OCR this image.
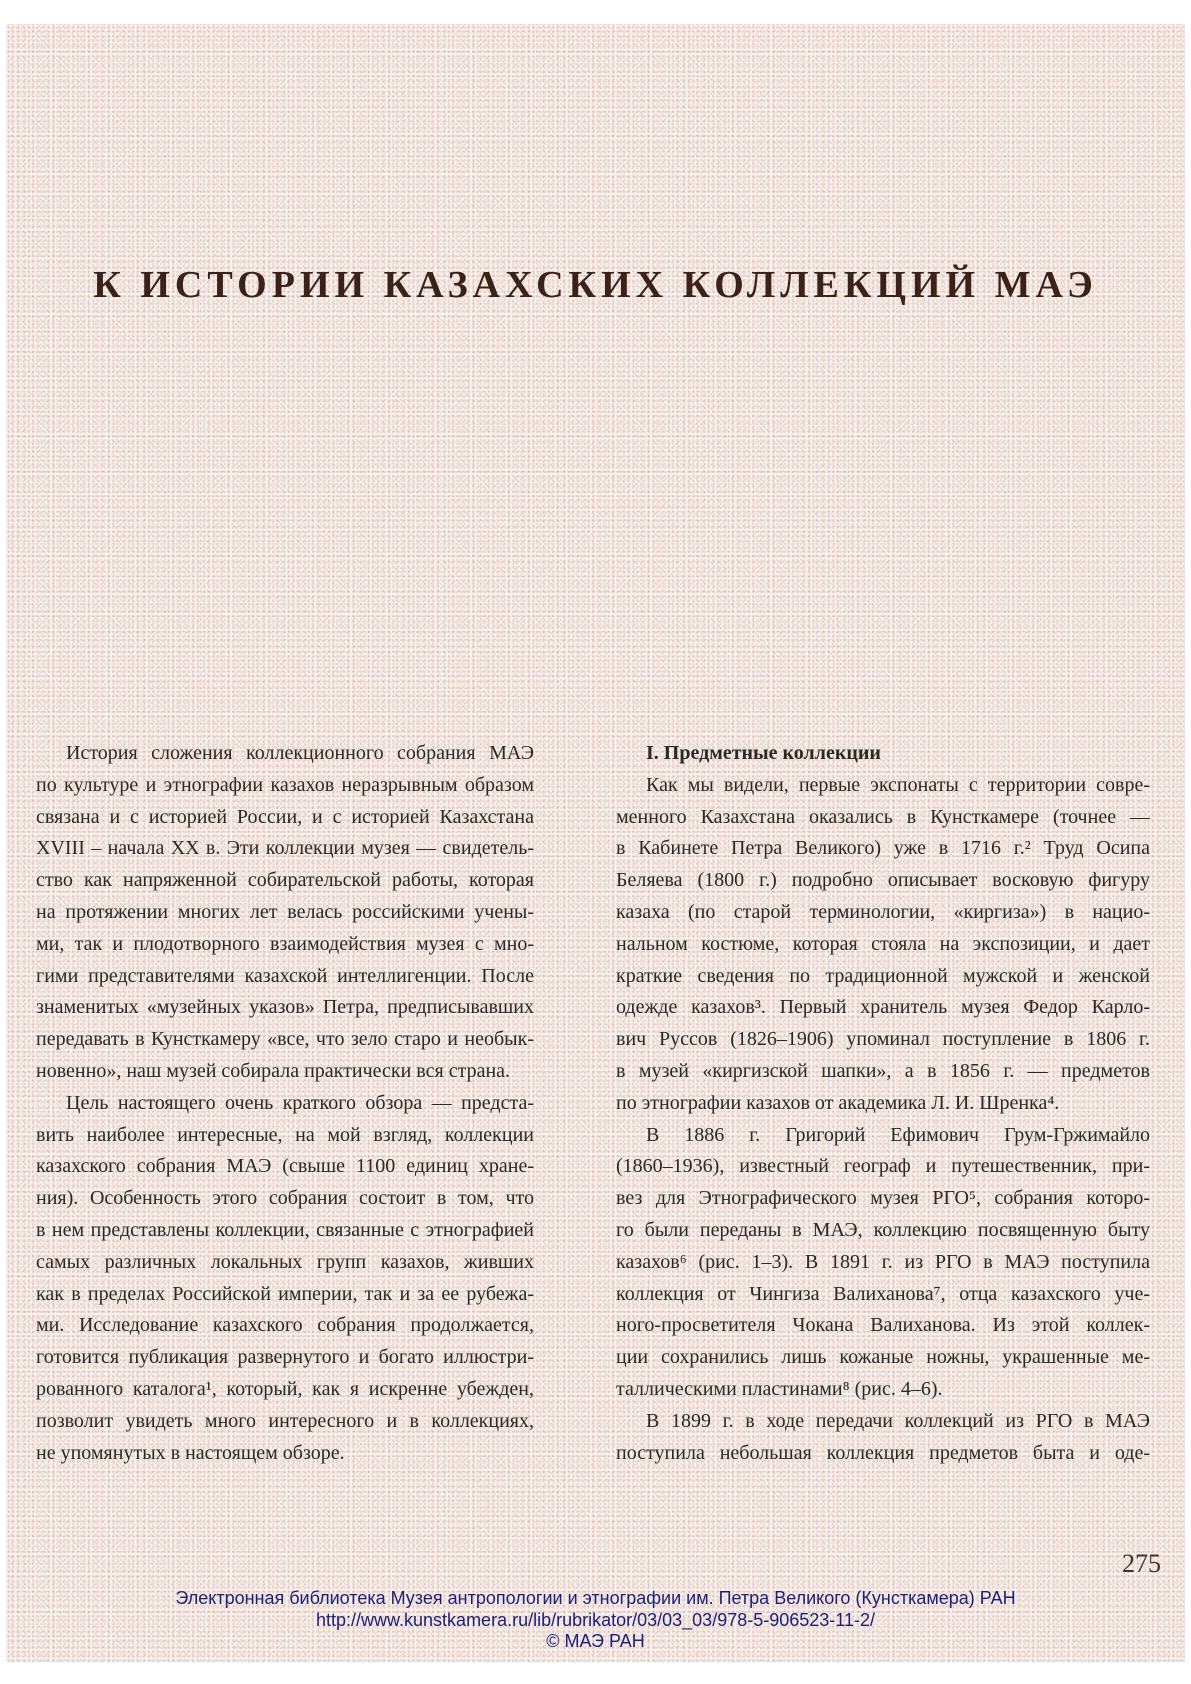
К ИСТОРИИ КАЗАХСКИХ КОЛЛЕКЦИЙ МАЭ
История сложения коллекционного собрания МАЭ
по культуре и этнографии казахов неразрывным образом
связана и с историей России, и с историей Казахстана
XVIII – начала XX в. Эти коллекции музея — свидетель-
ство как напряженной собирательской работы, которая
на протяжении многих лет велась российскими учены-
ми, так и плодотворного взаимодействия музея с мно-
гими представителями казахской интеллигенции. После
знаменитых «музейных указов» Петра, предписывавших
передавать в Кунсткамеру «все, что зело старо и необык-
новенно», наш музей собирала практически вся страна.
Цель настоящего очень краткого обзора — предста-
вить наиболее интересные, на мой взгляд, коллекции
казахского собрания МАЭ (свыше 1100 единиц хране-
ния). Особенность этого собрания состоит в том, что
в нем представлены коллекции, связанные с этнографией
самых различных локальных групп казахов, живших
как в пределах Российской империи, так и за ее рубежа-
ми. Исследование казахского собрания продолжается,
готовится публикация развернутого и богато иллюстри-
рованного каталога¹, который, как я искренне убежден,
позволит увидеть много интересного и в коллекциях,
не упомянутых в настоящем обзоре.
I. Предметные коллекции
Как мы видели, первые экспонаты с территории совре-
менного Казахстана оказались в Кунсткамере (точнее —
в Кабинете Петра Великого) уже в 1716 г.² Труд Осипа
Беляева (1800 г.) подробно описывает восковую фигуру
казаха (по старой терминологии, «киргиза») в нацио-
нальном костюме, которая стояла на экспозиции, и дает
краткие сведения по традиционной мужской и женской
одежде казахов³. Первый хранитель музея Федор Карло-
вич Руссов (1826–1906) упоминал поступление в 1806 г.
в музей «киргизской шапки», а в 1856 г. — предметов
по этнографии казахов от академика Л. И. Шренка⁴.
В 1886 г. Григорий Ефимович Грум-Гржимайло
(1860–1936), известный географ и путешественник, при-
вез для Этнографического музея РГО⁵, собрания которо-
го были переданы в МАЭ, коллекцию посвященную быту
казахов⁶ (рис. 1–3). В 1891 г. из РГО в МАЭ поступила
коллекция от Чингиза Валиханова⁷, отца казахского уче-
ного-просветителя Чокана Валиханова. Из этой коллек-
ции сохранились лишь кожаные ножны, украшенные ме-
таллическими пластинами⁸ (рис. 4–6).
В 1899 г. в ходе передачи коллекций из РГО в МАЭ
поступила небольшая коллекция предметов быта и оде-
275
Электронная библиотека Музея антропологии и этнографии им. Петра Великого (Кунсткамера) РАН
http://www.kunstkamera.ru/lib/rubrikator/03/03_03/978-5-906523-11-2/
© МАЭ РАН
